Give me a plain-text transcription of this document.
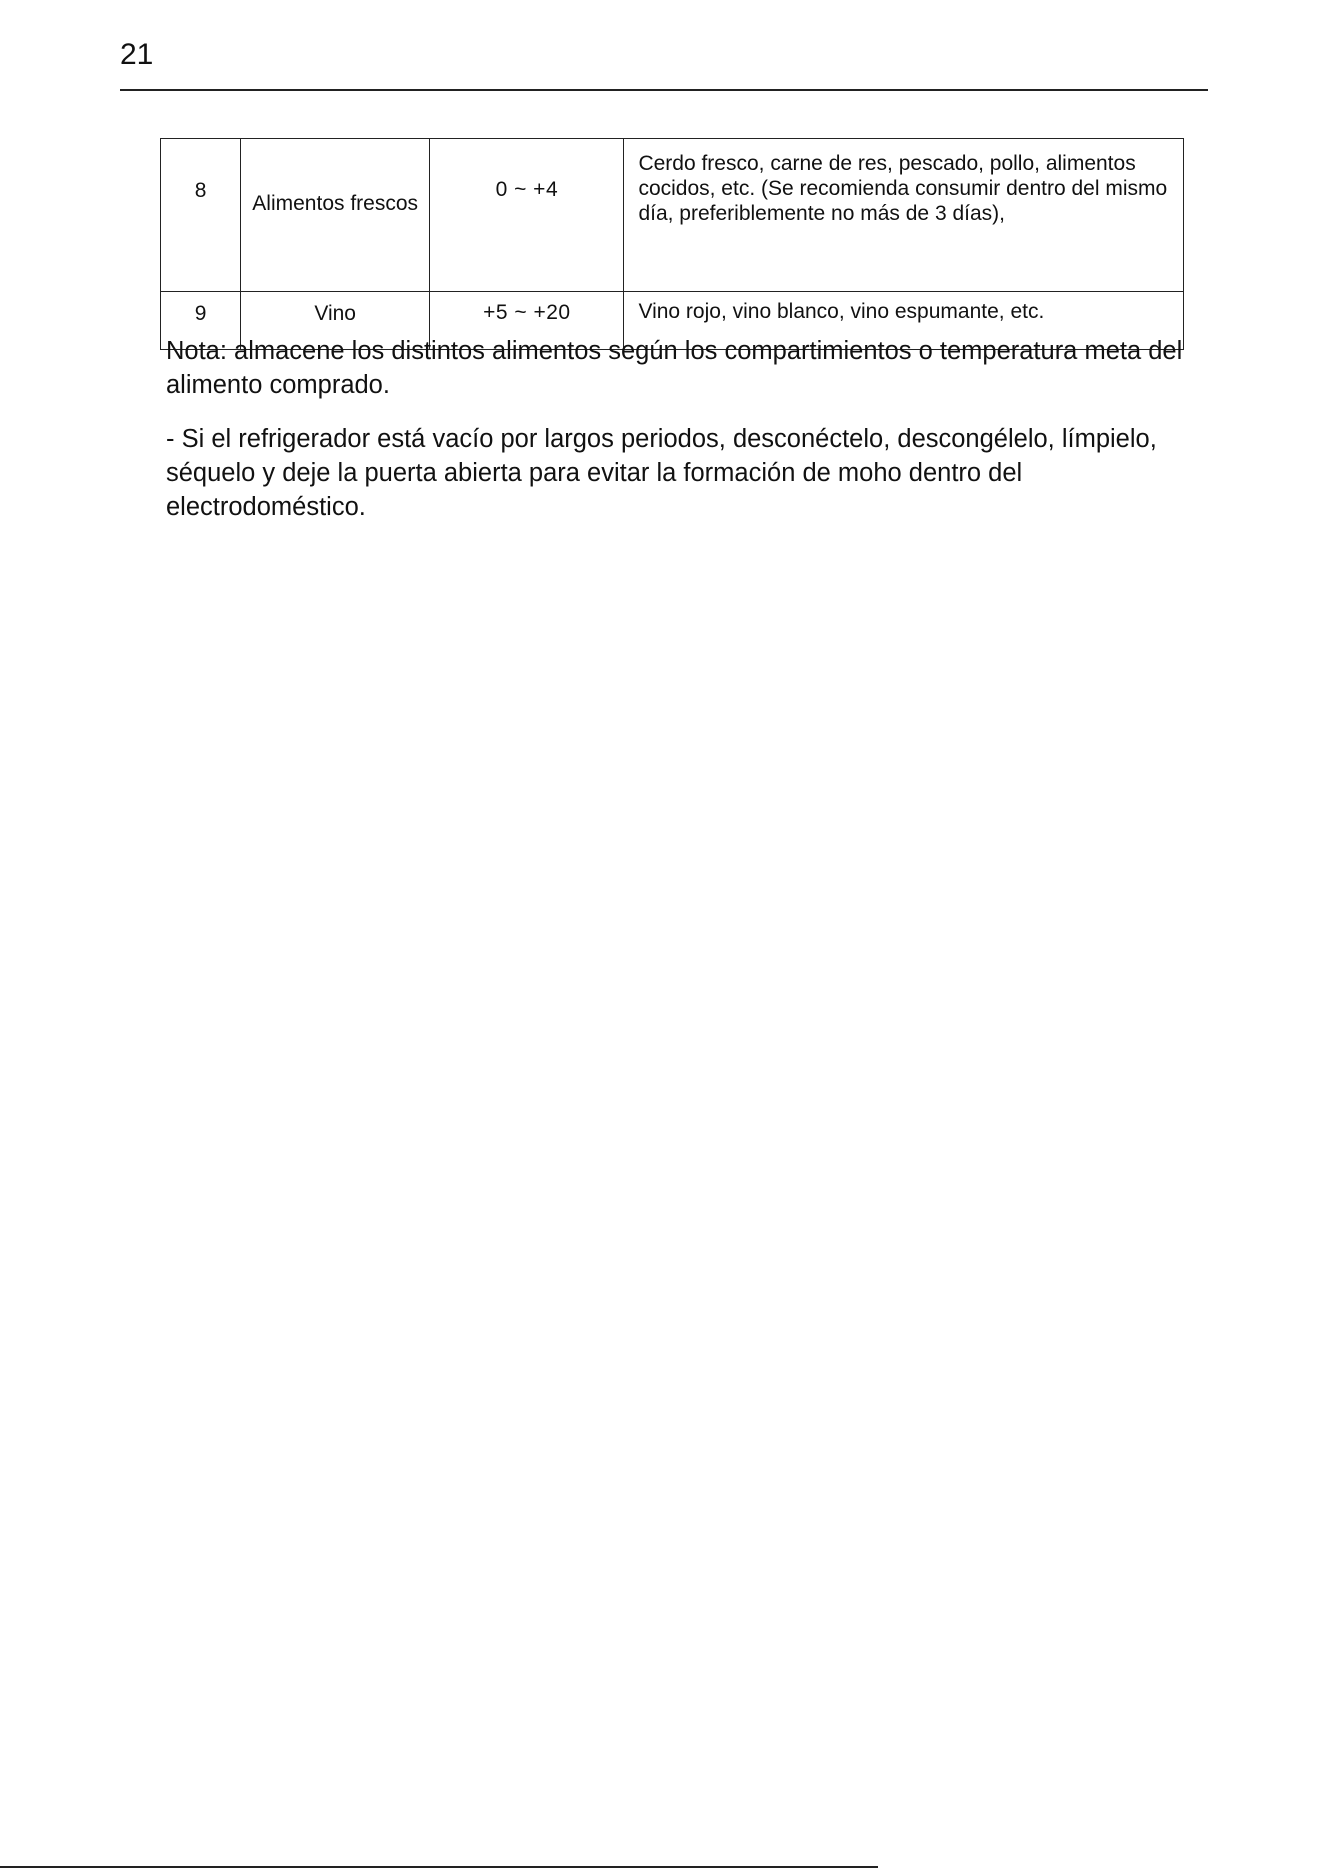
21
8	Alimentos frescos	0 ~ +4	Cerdo fresco, carne de res, pescado, pollo, alimentos cocidos, etc. (Se recomienda consumir dentro del mismo día, preferiblemente no más de 3 días),
9	Vino	+5 ~ +20	Vino rojo, vino blanco, vino espumante, etc.

Nota: almacene los distintos alimentos según los compartimientos o temperatura meta del alimento comprado.

- Si el refrigerador está vacío por largos periodos, desconéctelo, descongélelo, límpielo, séquelo y deje la puerta abierta para evitar la formación de moho dentro del electrodoméstico.
